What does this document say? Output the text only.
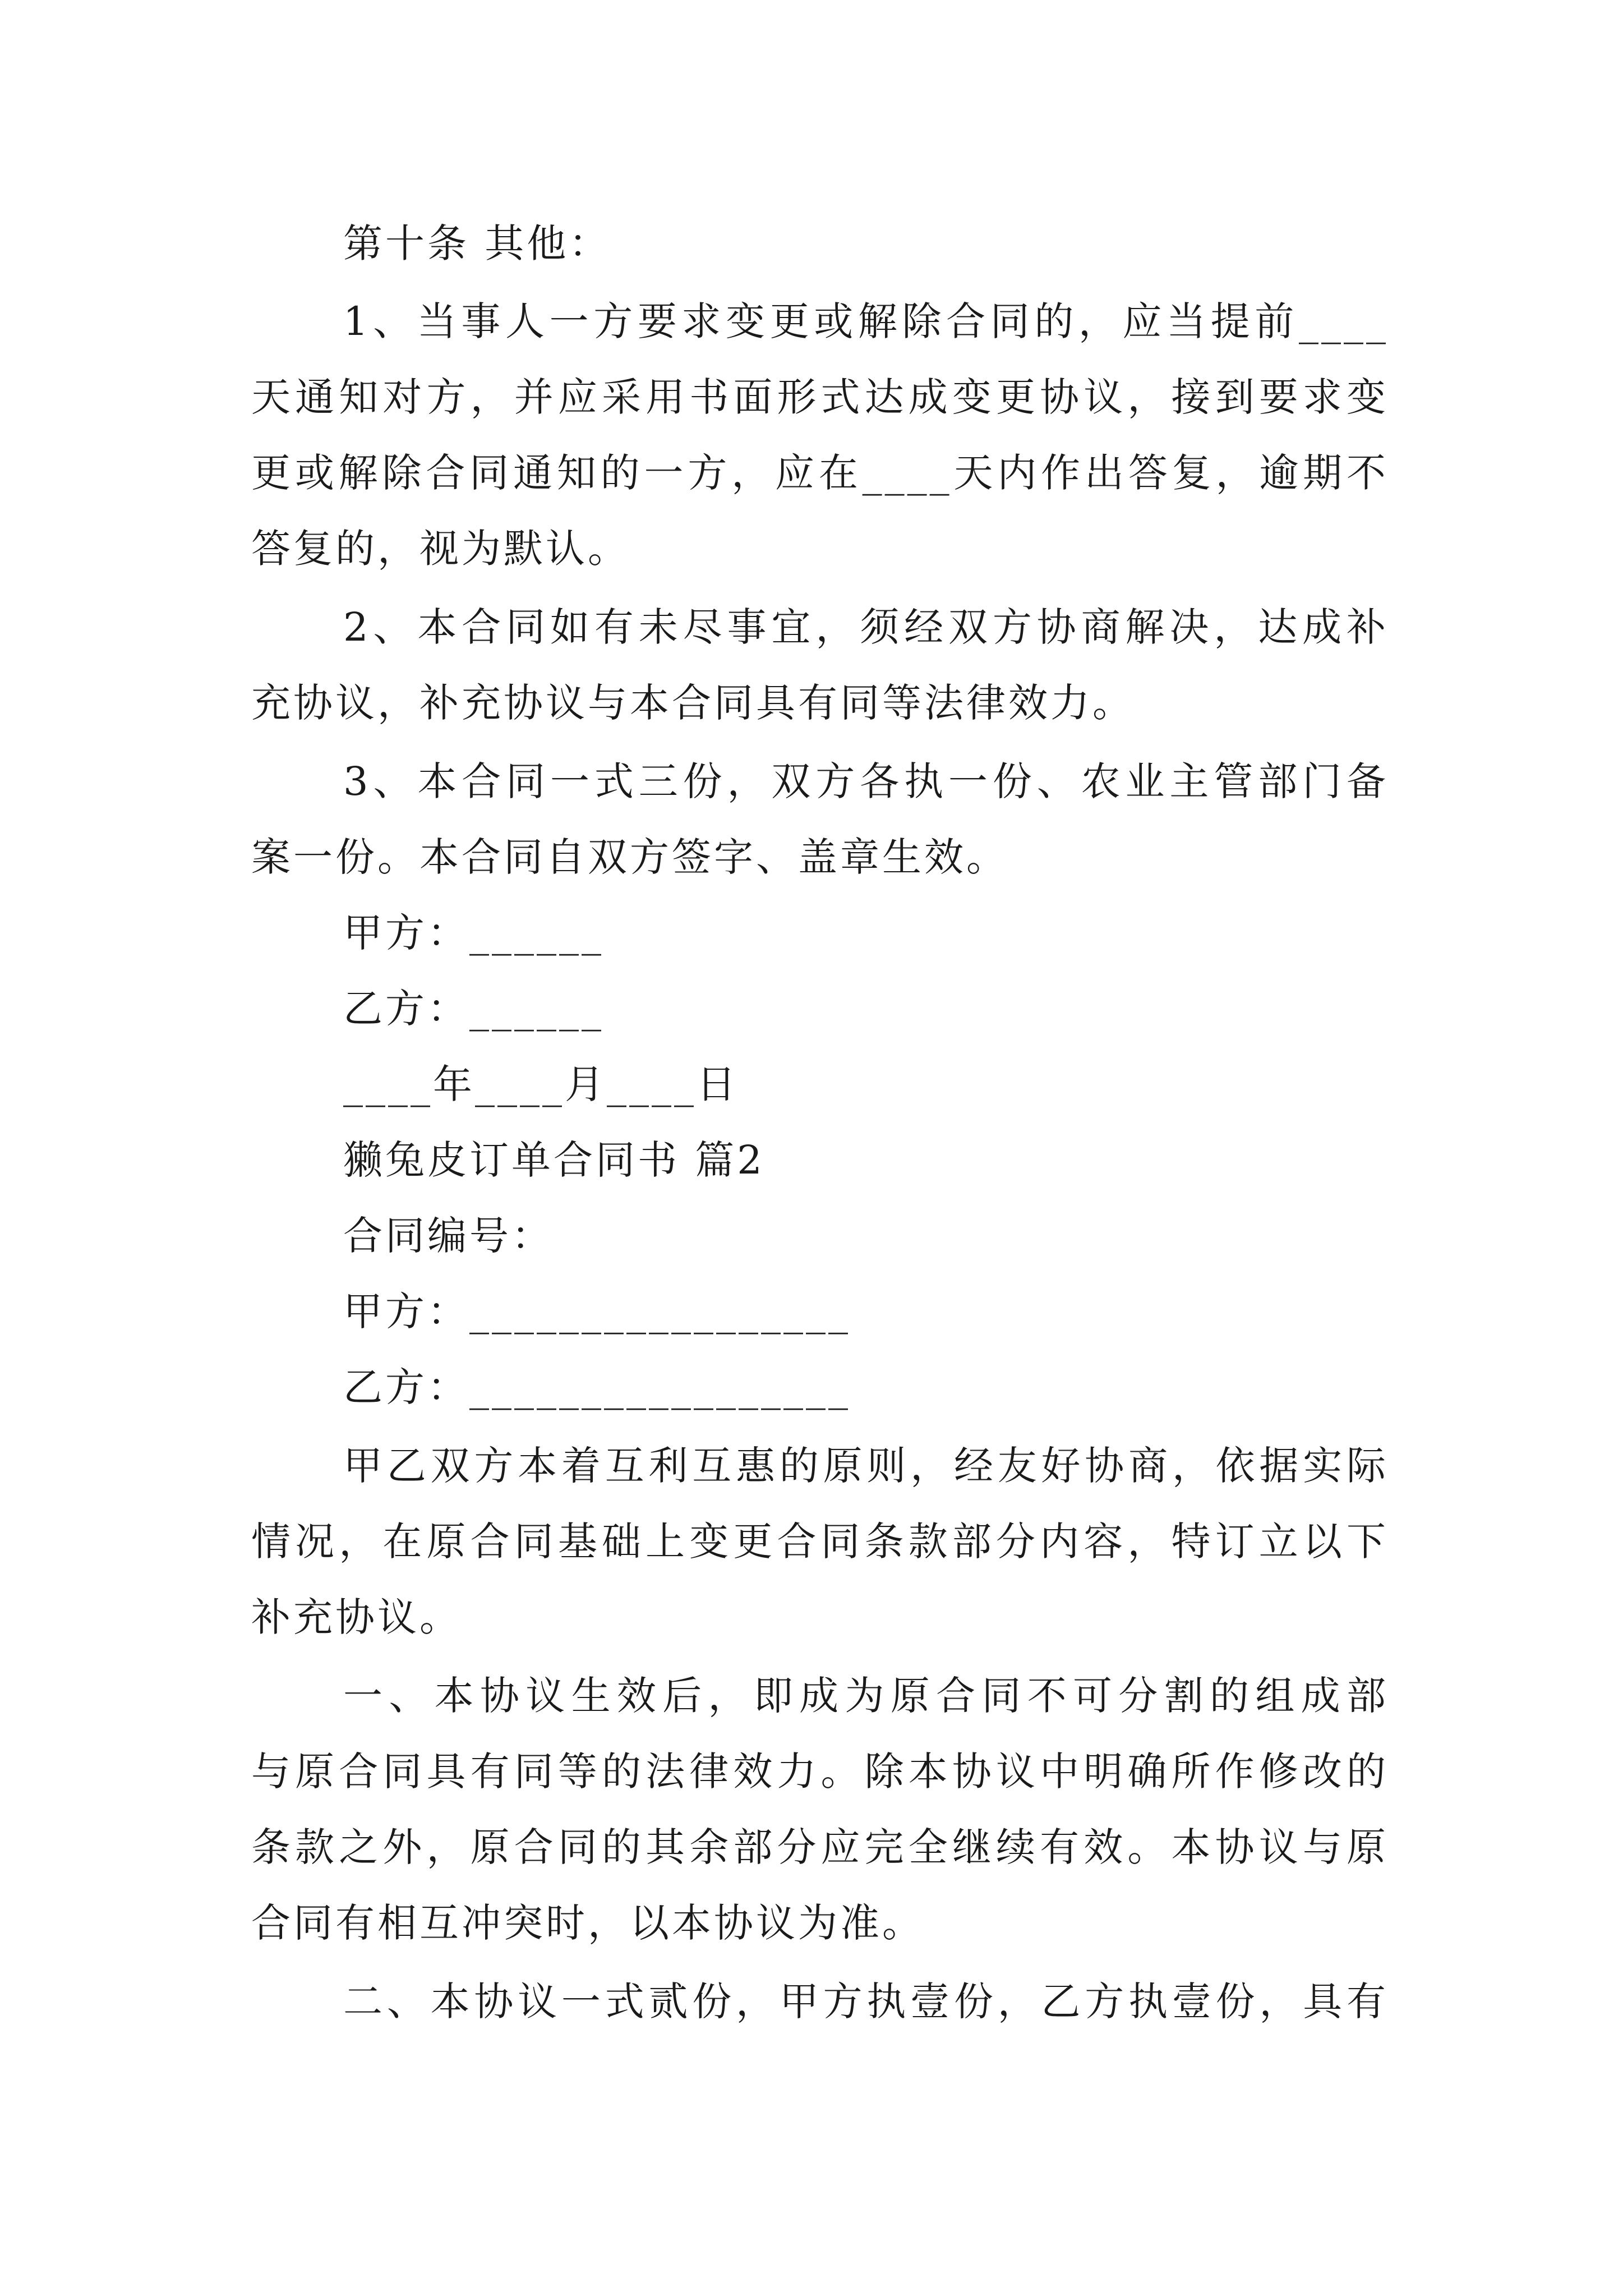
第十条 其他：
1、当事人一方要求变更或解除合同的，应当提前____
天通知对方，并应采用书面形式达成变更协议，接到要求变
更或解除合同通知的一方，应在____天内作出答复，逾期不
答复的，视为默认。
2、本合同如有未尽事宜，须经双方协商解决，达成补
充协议，补充协议与本合同具有同等法律效力。
3、本合同一式三份，双方各执一份、农业主管部门备
案一份。本合同自双方签字、盖章生效。
甲方：______
乙方：______
____年____月____日
獭兔皮订单合同书 篇2
合同编号：
甲方：_________________
乙方：_________________
甲乙双方本着互利互惠的原则，经友好协商，依据实际
情况，在原合同基础上变更合同条款部分内容，特订立以下
补充协议。
一、本协议生效后，即成为原合同不可分割的组成部
与原合同具有同等的法律效力。除本协议中明确所作修改的
条款之外，原合同的其余部分应完全继续有效。本协议与原
合同有相互冲突时，以本协议为准。
二、本协议一式贰份，甲方执壹份，乙方执壹份，具有
